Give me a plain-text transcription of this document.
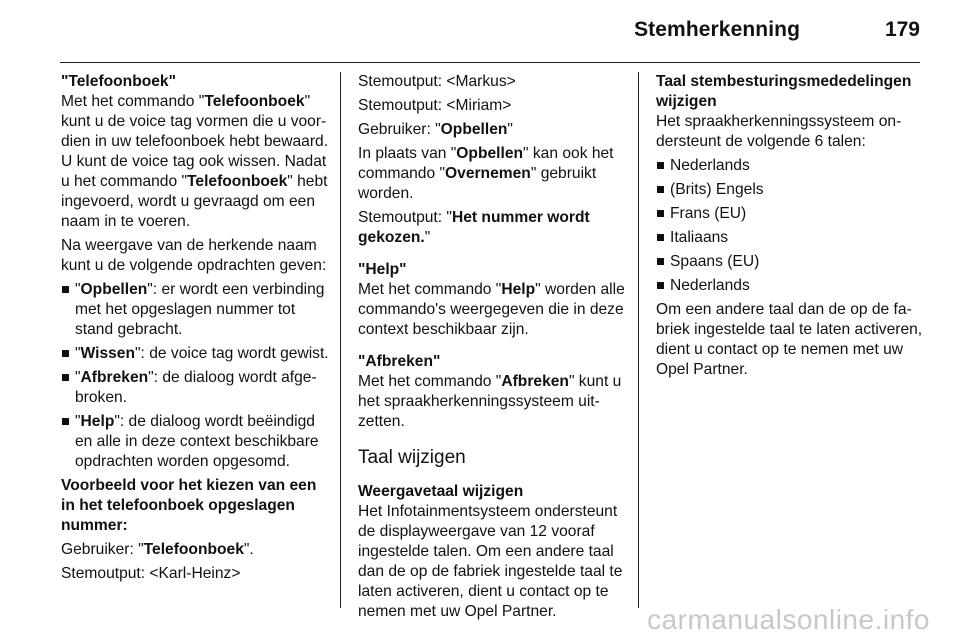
Stemherkenning	179

"Telefoonboek"

Met het commando "Telefoonboek" kunt u de voice tag vormen die u voordien in uw telefoonboek hebt bewaard. U kunt de voice tag ook wissen. Nadat u het commando "Telefoonboek" hebt ingevoerd, wordt u gevraagd om een naam in te voeren.

Na weergave van de herkende naam kunt u de volgende opdrachten geven:

"Opbellen": er wordt een verbinding met het opgeslagen nummer tot stand gebracht.
"Wissen": de voice tag wordt gewist.
"Afbreken": de dialoog wordt afgebroken.
"Help": de dialoog wordt beëindigd en alle in deze context beschikbare opdrachten worden opgesomd.

Voorbeeld voor het kiezen van een in het telefoonboek opgeslagen nummer:

Gebruiker: "Telefoonboek".

Stemoutput: <Karl-Heinz>

Stemoutput: <Markus>

Stemoutput: <Miriam>

Gebruiker: "Opbellen"

In plaats van "Opbellen" kan ook het commando "Overnemen" gebruikt worden.

Stemoutput: "Het nummer wordt gekozen."

"Help"

Met het commando "Help" worden alle commando's weergegeven die in deze context beschikbaar zijn.

"Afbreken"

Met het commando "Afbreken" kunt u het spraakherkenningssysteem uitzetten.

Taal wijzigen

Weergavetaal wijzigen

Het Infotainmentsysteem ondersteunt de displayweergave van 12 vooraf ingestelde talen. Om een andere taal dan de op de fabriek ingestelde taal te laten activeren, dient u contact op te nemen met uw Opel Partner.

Taal stembesturingsmededelingen wijzigen

Het spraakherkenningssysteem ondersteunt de volgende 6 talen:

Nederlands
(Brits) Engels
Frans (EU)
Italiaans
Spaans (EU)
Nederlands

Om een andere taal dan de op de fabriek ingestelde taal te laten activeren, dient u contact op te nemen met uw Opel Partner.

carmanualsonline.info
